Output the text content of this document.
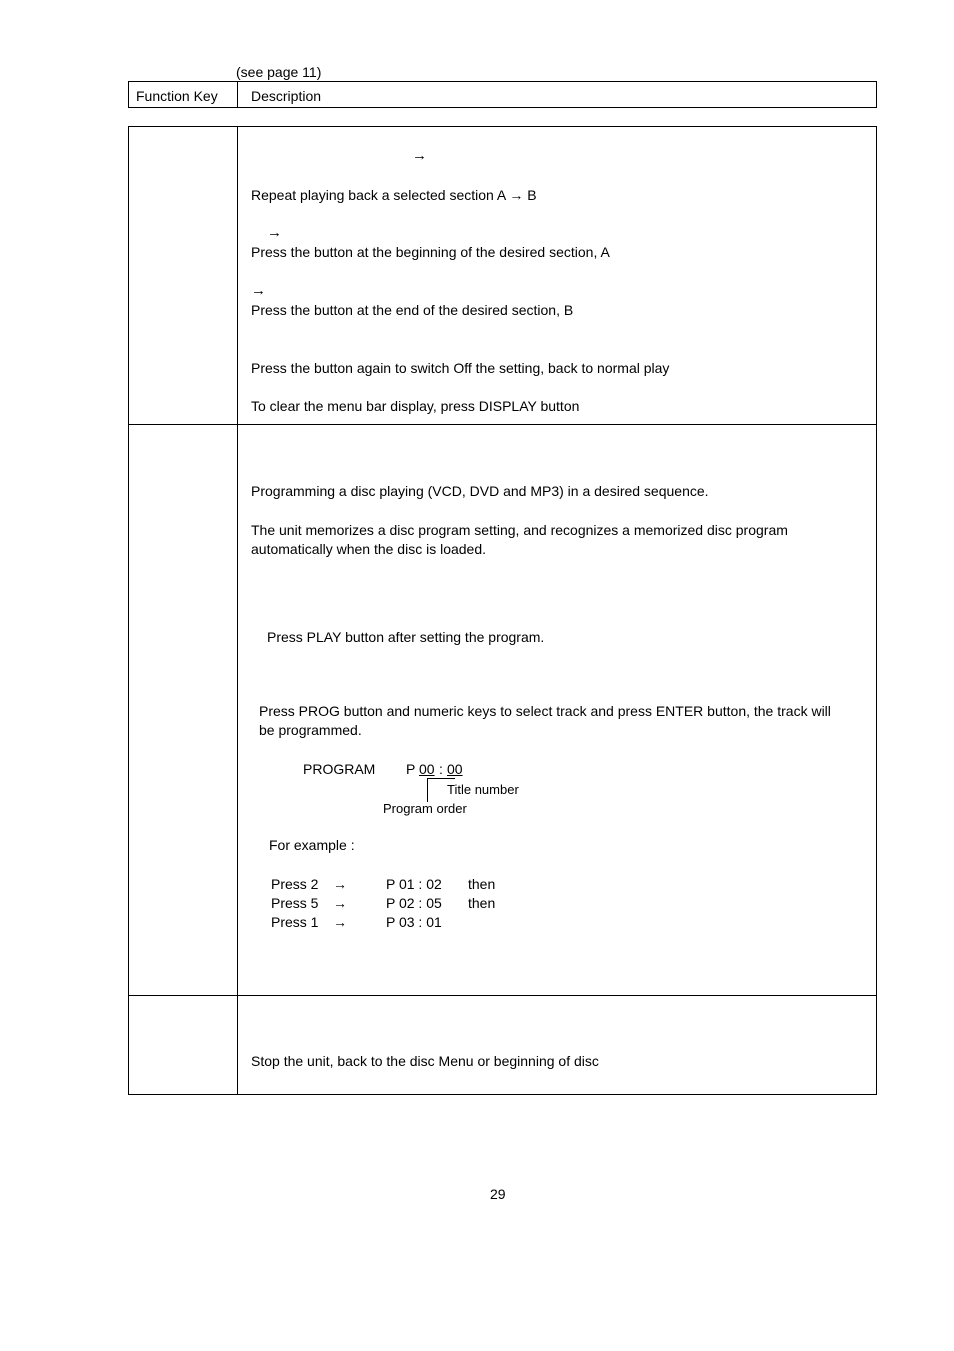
(see page 11)
Function Key Description
→
Repeat playing back a selected section A → B
→
Press the button at the beginning of the desired section, A
→
Press the button at the end of the desired section, B
Press the button again to switch Off the setting, back to normal play
To clear the menu bar display, press DISPLAY button
Programming a disc playing (VCD, DVD and MP3) in a desired sequence.
The unit memorizes a disc program setting, and recognizes a memorized disc program
automatically when the disc is loaded.
Press PLAY button after setting the program.
Press PROG button and numeric keys to select track and press ENTER button, the track will
be programmed.
PROGRAM P 00 : 00
Title number
Program order
For example :
Press 2 →	P 01 : 02 then
Press 5 →	P 02 : 05 then
Press 1 →	P 03 : 01
Stop the unit, back to the disc Menu or beginning of disc
29
